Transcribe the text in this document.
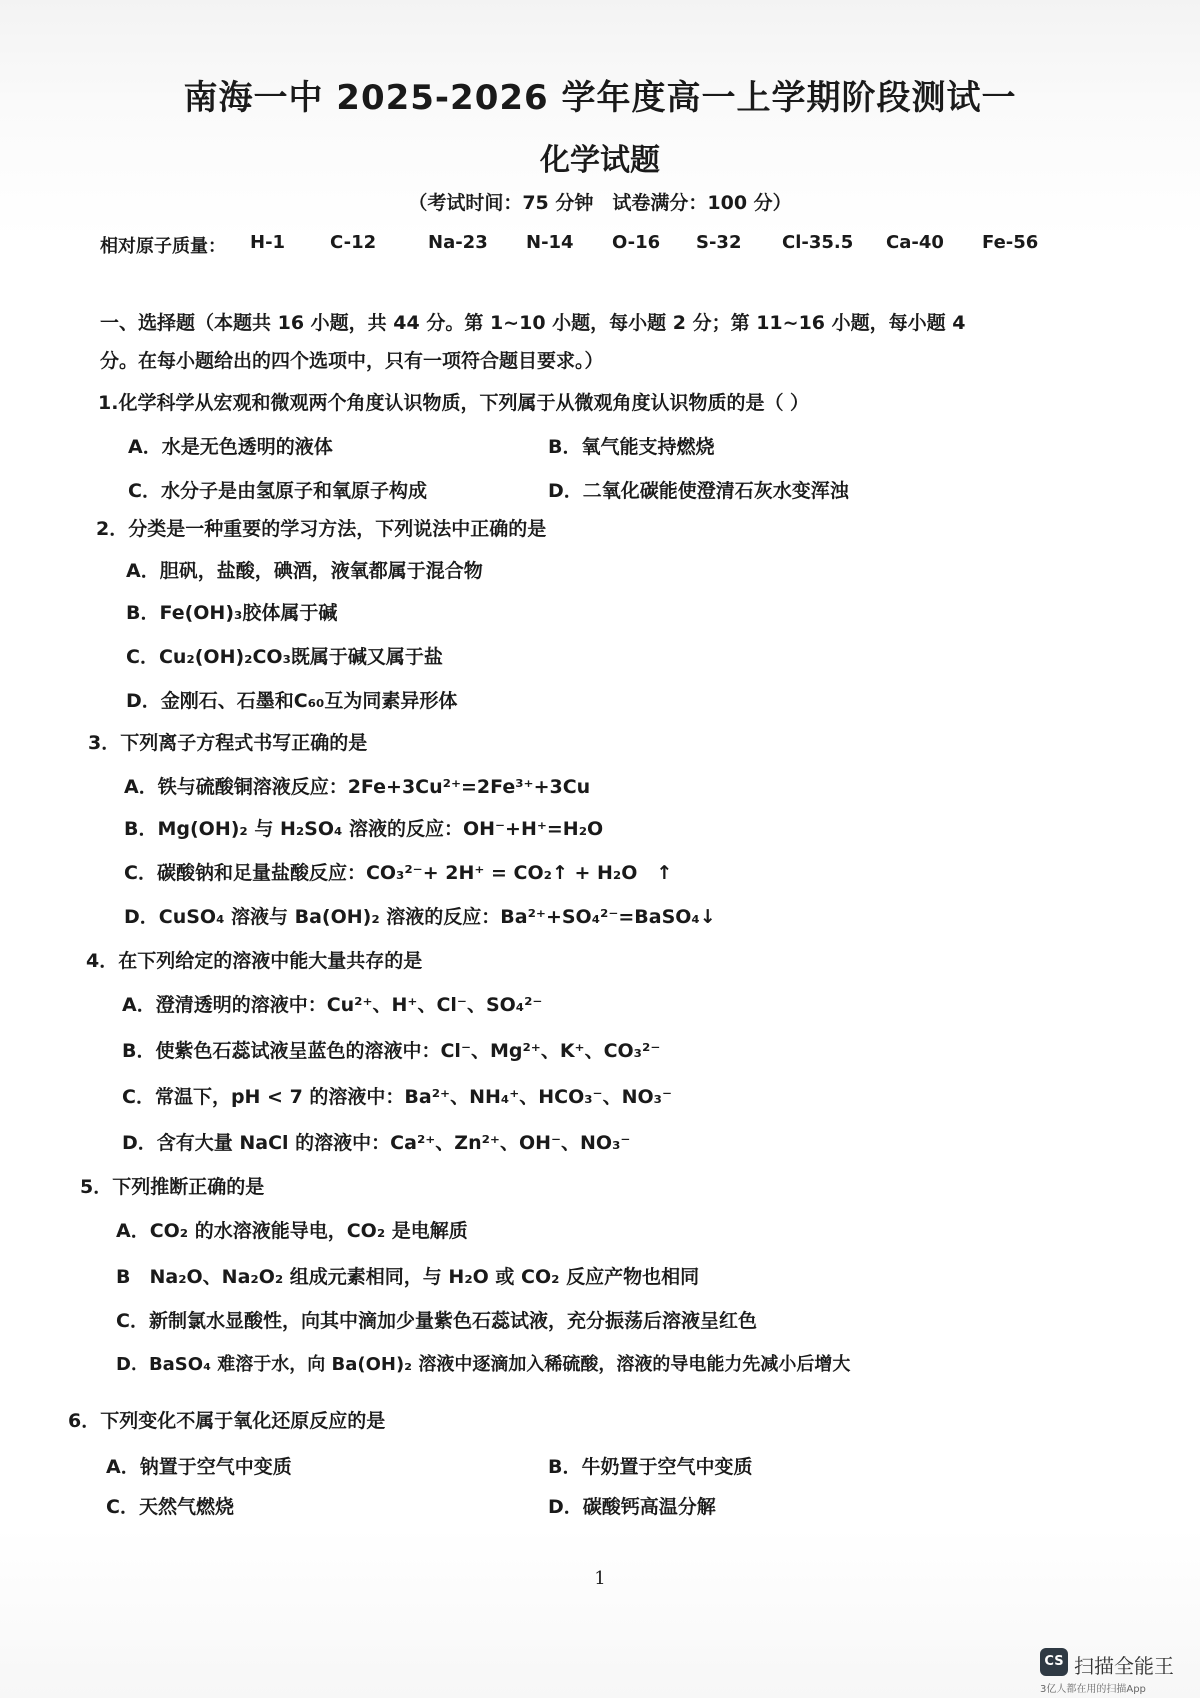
南海一中 2025-2026 学年度高一上学期阶段测试一
化学试题
（考试时间：75 分钟　试卷满分：100 分）
相对原子质量：	H-1	C-12	Na-23	N-14	O-16	S-32	Cl-35.5	Ca-40	Fe-56
一、选择题（本题共 16 小题，共 44 分。第 1~10 小题，每小题 2 分；第 11~16 小题，每小题 4
分。在每小题给出的四个选项中，只有一项符合题目要求。）
1.化学科学从宏观和微观两个角度认识物质，下列属于从微观角度认识物质的是（ ）
A．水是无色透明的液体	B．氧气能支持燃烧
C．水分子是由氢原子和氧原子构成	D．二氧化碳能使澄清石灰水变浑浊
2．分类是一种重要的学习方法，下列说法中正确的是
A．胆矾，盐酸，碘酒，液氧都属于混合物
B．Fe(OH)₃胶体属于碱
C．Cu₂(OH)₂CO₃既属于碱又属于盐
D．金刚石、石墨和C₆₀互为同素异形体
3．下列离子方程式书写正确的是
A．铁与硫酸铜溶液反应：2Fe+3Cu²⁺=2Fe³⁺+3Cu
B．Mg(OH)₂ 与 H₂SO₄ 溶液的反应：OH⁻+H⁺=H₂O
C．碳酸钠和足量盐酸反应：CO₃²⁻+ 2H⁺ = CO₂↑ + H₂O　↑
D．CuSO₄ 溶液与 Ba(OH)₂ 溶液的反应：Ba²⁺+SO₄²⁻=BaSO₄↓
4．在下列给定的溶液中能大量共存的是
A．澄清透明的溶液中：Cu²⁺、H⁺、Cl⁻、SO₄²⁻
B．使紫色石蕊试液呈蓝色的溶液中：Cl⁻、Mg²⁺、K⁺、CO₃²⁻
C．常温下，pH < 7 的溶液中：Ba²⁺、NH₄⁺、HCO₃⁻、NO₃⁻
D．含有大量 NaCl 的溶液中：Ca²⁺、Zn²⁺、OH⁻、NO₃⁻
5．下列推断正确的是
A．CO₂ 的水溶液能导电，CO₂ 是电解质
B　Na₂O、Na₂O₂ 组成元素相同，与 H₂O 或 CO₂ 反应产物也相同
C．新制氯水显酸性，向其中滴加少量紫色石蕊试液，充分振荡后溶液呈红色
D．BaSO₄ 难溶于水，向 Ba(OH)₂ 溶液中逐滴加入稀硫酸，溶液的导电能力先减小后增大
6．下列变化不属于氧化还原反应的是
A．钠置于空气中变质	B．牛奶置于空气中变质
C．天然气燃烧	D．碳酸钙高温分解
1
CS 扫描全能王
3亿人都在用的扫描App
